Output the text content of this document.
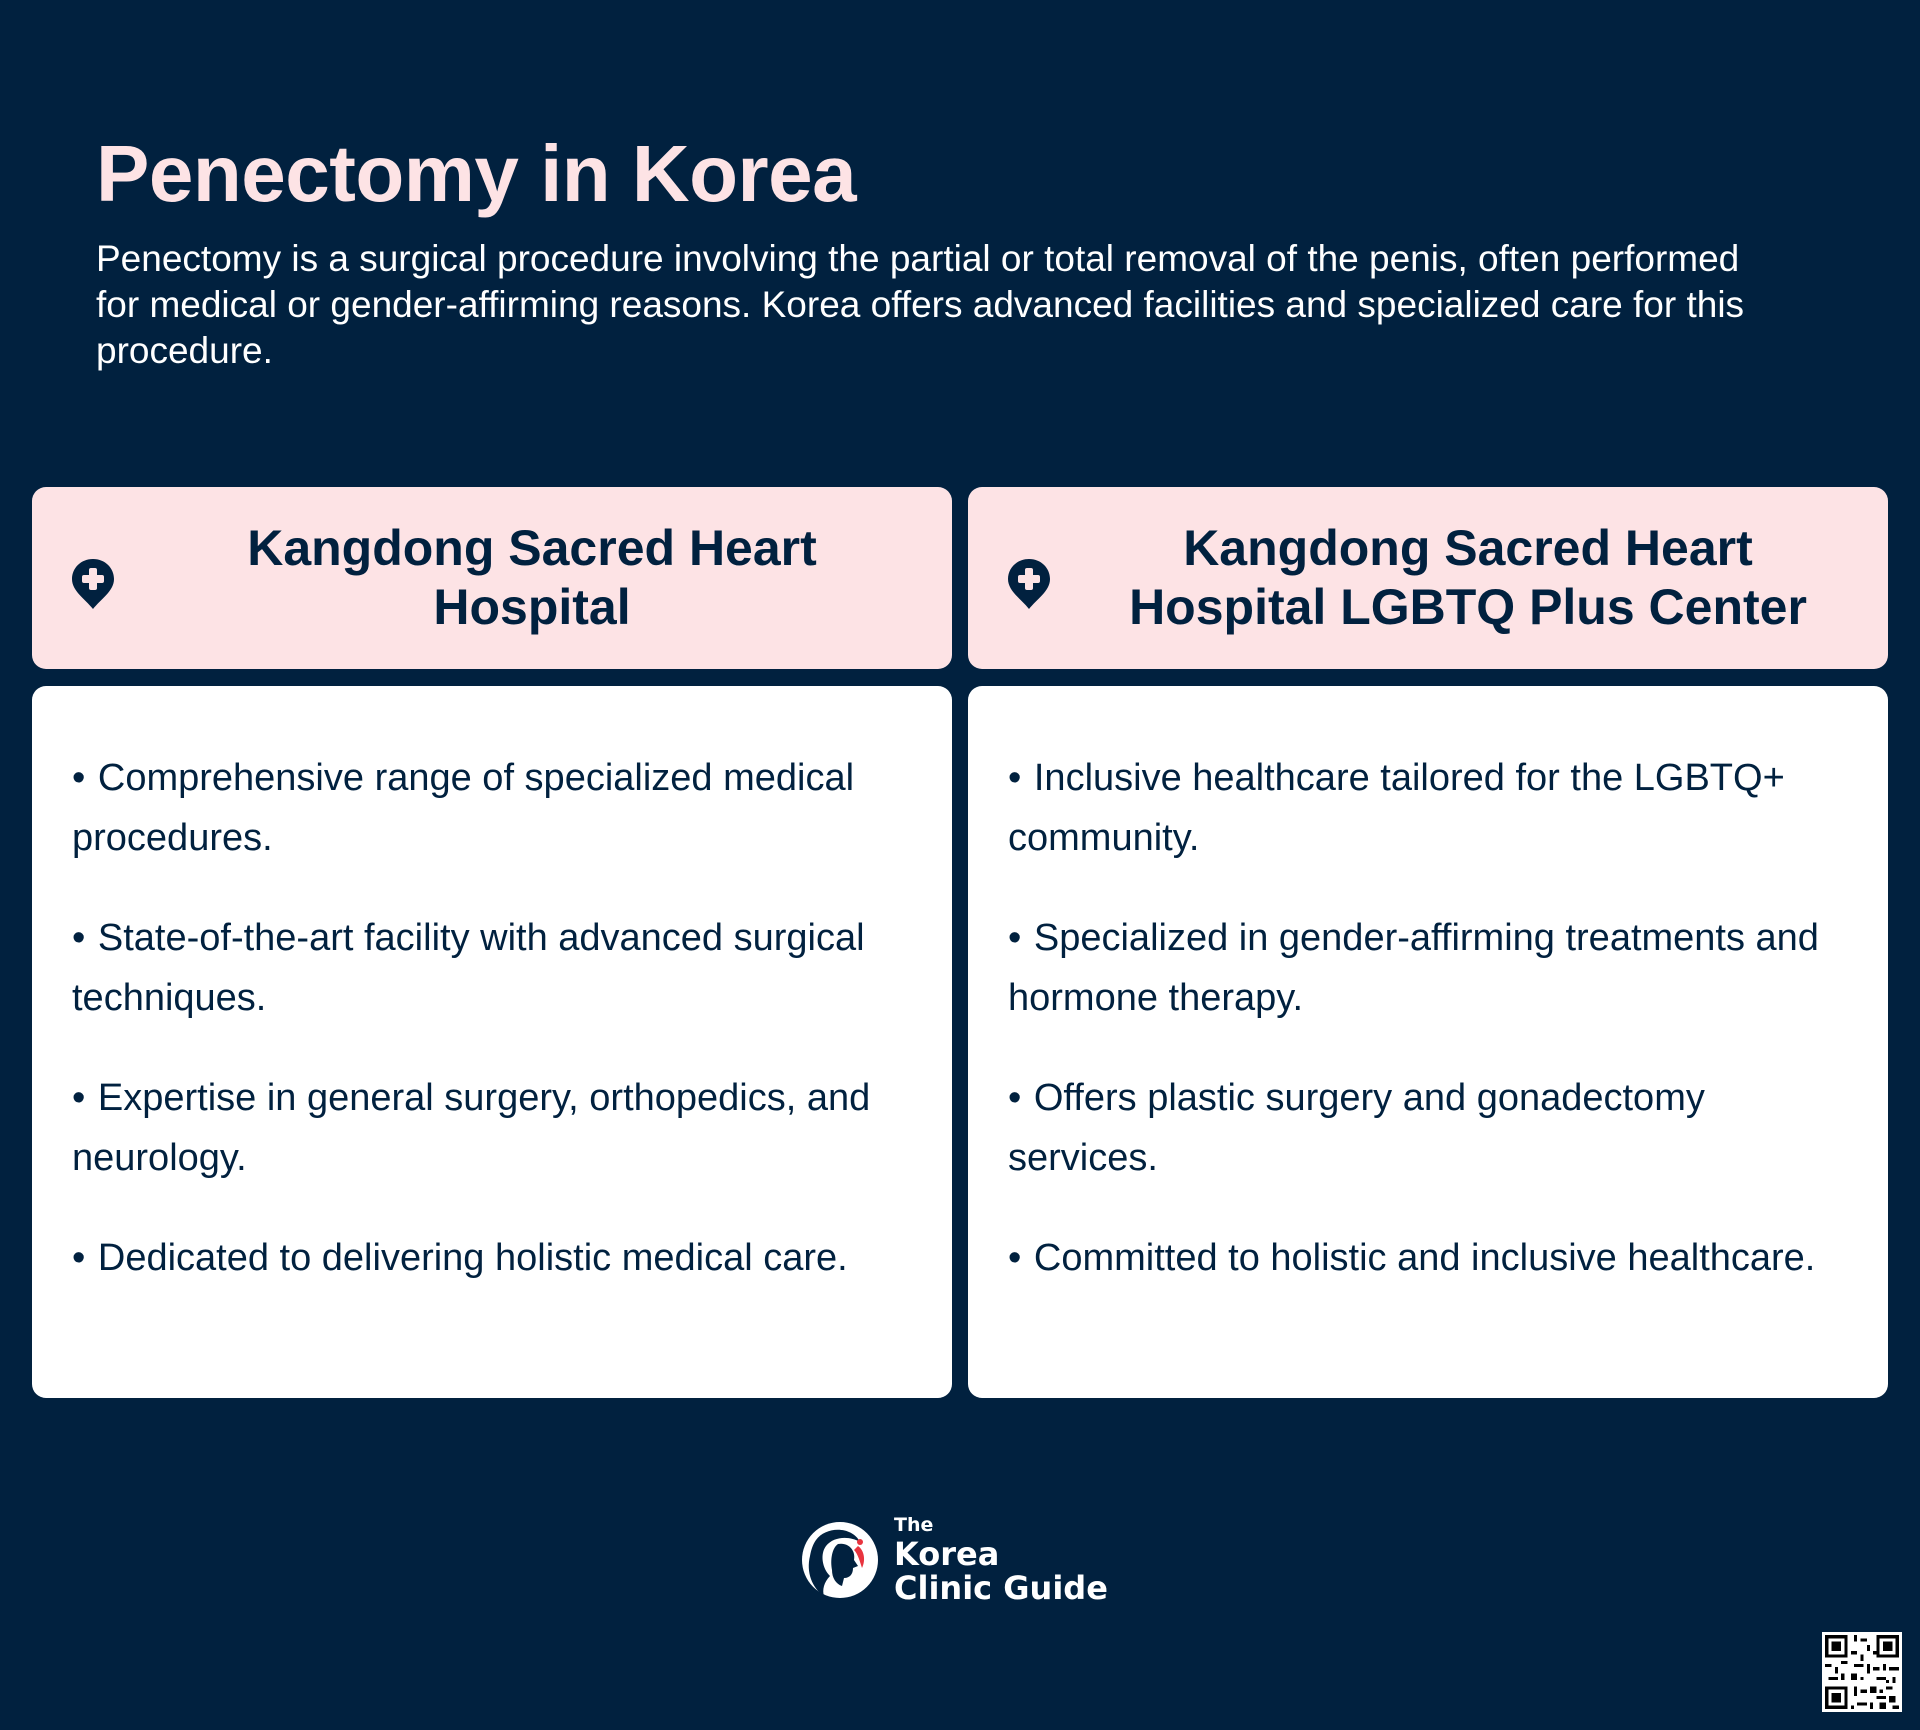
Penectomy in Korea

Penectomy is a surgical procedure involving the partial or total removal of the penis, often performed for medical or gender-affirming reasons. Korea offers advanced facilities and specialized care for this procedure.

Kangdong Sacred Heart
Hospital
• Comprehensive range of specialized medical procedures.
• State-of-the-art facility with advanced surgical techniques.
• Expertise in general surgery, orthopedics, and neurology.
• Dedicated to delivering holistic medical care.
Kangdong Sacred Heart
Hospital LGBTQ Plus Center
• Inclusive healthcare tailored for the LGBTQ+ community.
• Specialized in gender-affirming treatments and hormone therapy.
• Offers plastic surgery and gonadectomy services.
• Committed to holistic and inclusive healthcare.
The
Korea
Clinic Guide
